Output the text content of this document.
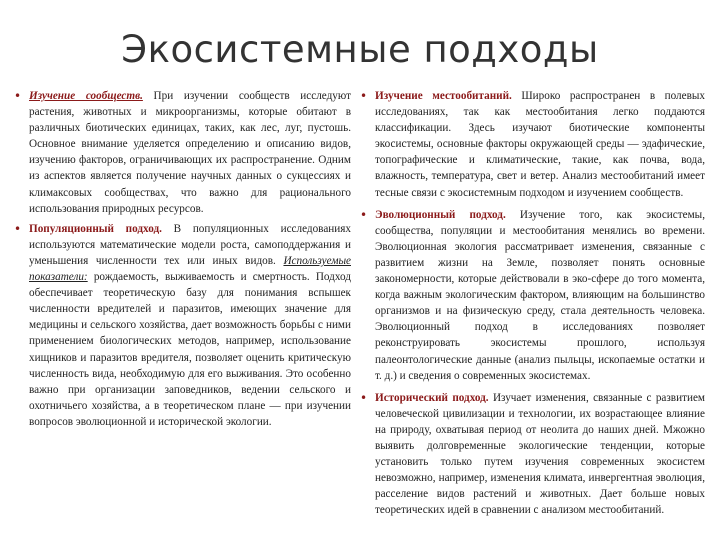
Экосистемные подходы
• Изучение сообществ. При изучении сообществ исследуют растения, животных и микроорганизмы, которые обитают в различных биотических единицах, таких, как лес, луг, пустошь. Основное внимание уделяется определению и описанию видов, изучению факторов, ограничивающих их распространение. Одним из аспектов является получение научных данных о сукцессиях и климаксовых сообществах, что важно для рационального использования природных ресурсов.
• Популяционный подход. В популяционных исследованиях используются математические модели роста, самоподдержания и уменьшения численности тех или иных видов. Используемые показатели: рождаемость, выживаемость и смертность. Подход обеспечивает теоретическую базу для понимания вспышек численности вредителей и паразитов, имеющих значение для медицины и сельского хозяйства, дает возможность борьбы с ними применением биологических методов, например, использование хищников и паразитов вредителя, позволяет оценить критическую численность вида, необходимую для его выживания. Это особенно важно при организации заповедников, ведении сельского и охотничьего хозяйства, а в теоретическом плане — при изучении вопросов эволюционной и исторической экологии.
• Изучение местообитаний. Широко распространен в полевых исследованиях, так как местообитания легко поддаются классификации. Здесь изучают биотические компоненты экосистемы, основные факторы окружающей среды — эдафические, топографические и климатические, такие, как почва, вода, влажность, температура, свет и ветер. Анализ местообитаний имеет тесные связи с экосистемным подходом и изучением сообществ.
• Эволюционный подход. Изучение того, как экосистемы, сообщества, популяции и местообитания менялись во времени. Эволюционная экология рассматривает изменения, связанные с развитием жизни на Земле, позволяет понять основные закономерности, которые действовали в эко-сфере до того момента, когда важным экологическим фактором, влияющим на большинство организмов и на физическую среду, стала деятельность человека. Эволюционный подход в исследованиях позволяет реконструировать экосистемы прошлого, используя палеонтологические данные (анализ пыльцы, ископаемые остатки и т. д.) и сведения о современных экосистемах.
• Исторический подход. Изучает изменения, связанные с развитием человеческой цивилизации и технологии, их возрастающее влияние на природу, охватывая период от неолита до наших дней. Мжожно выявить долговременные экологические тенденции, которые установить только путем изучения современных экосистем невозможно, например, изменения климата, инвергентная эволюция, расселение видов растений и животных. Дает больше новых теоретических идей в сравнении с анализом местообитаний.
